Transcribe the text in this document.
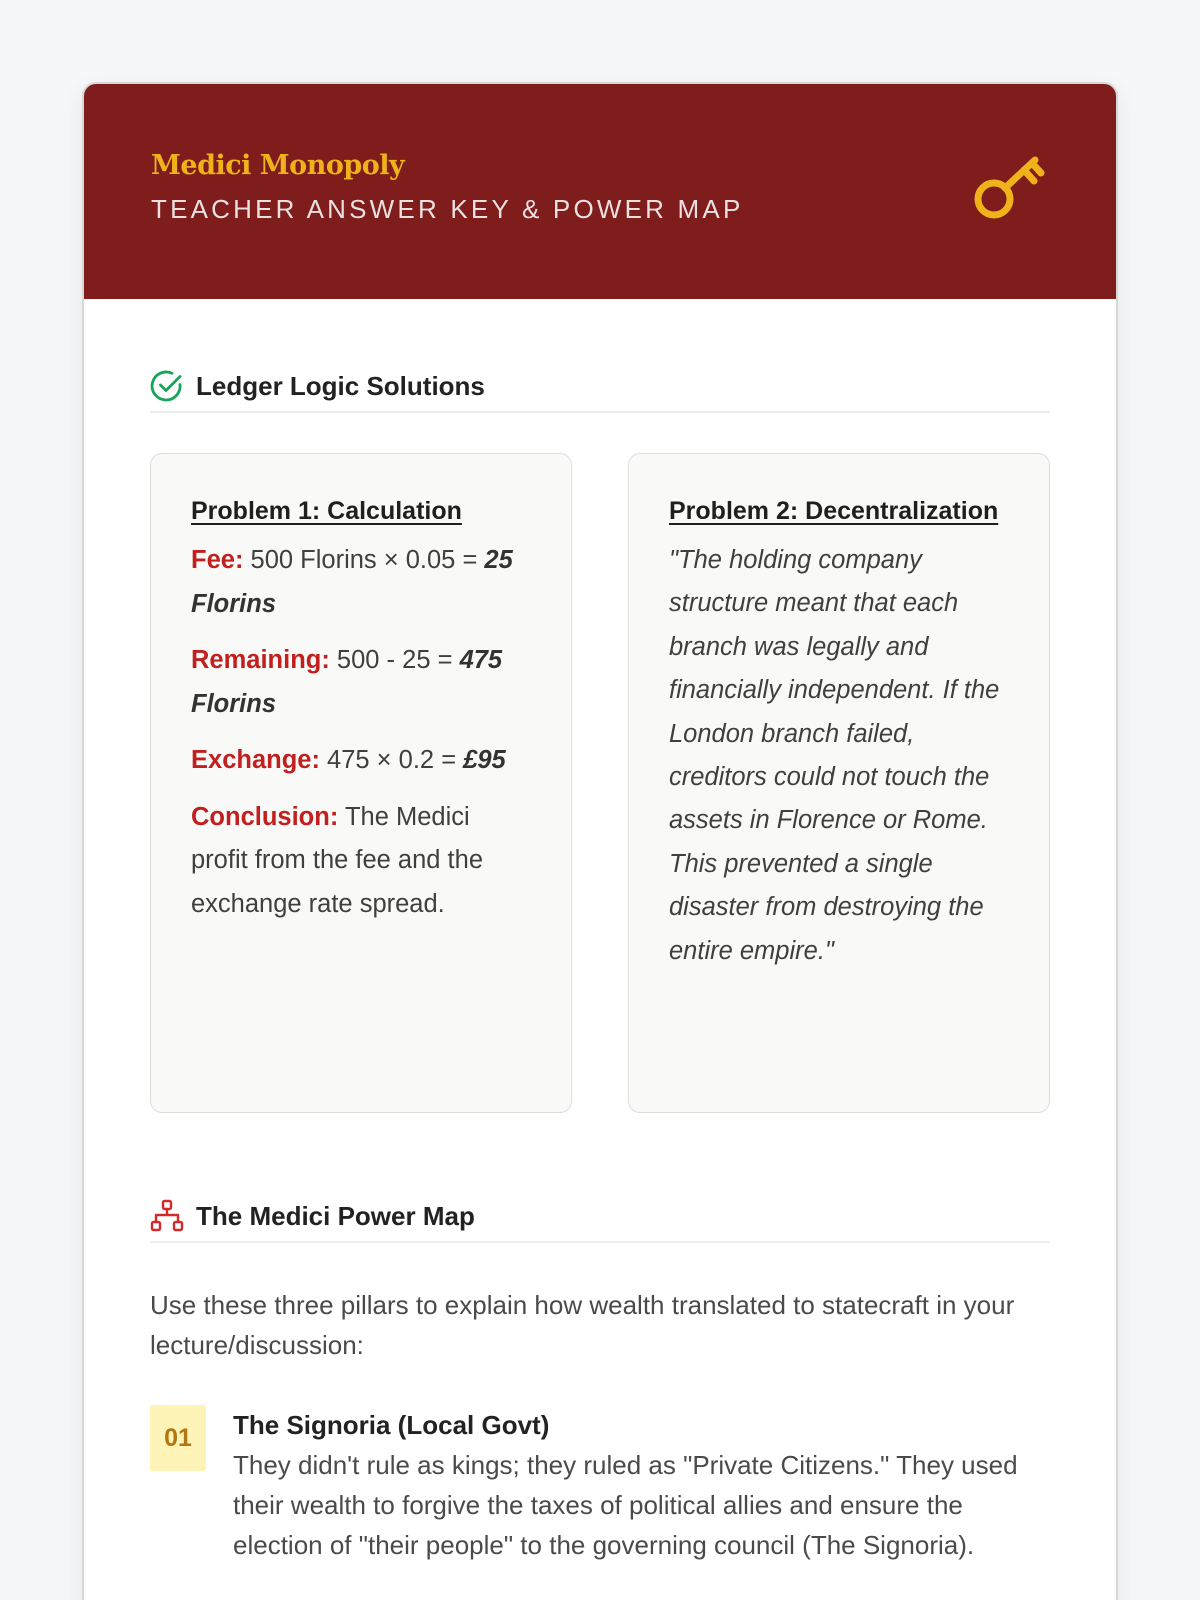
Medici Monopoly
TEACHER ANSWER KEY & POWER MAP
Ledger Logic Solutions
Problem 1: Calculation

Fee: 500 Florins × 0.05 = 25 Florins

Remaining: 500 - 25 = 475 Florins

Exchange: 475 × 0.2 = £95

Conclusion: The Medici profit from the fee and the exchange rate spread.

Problem 2: Decentralization

"The holding company structure meant that each branch was legally and financially independent. If the London branch failed, creditors could not touch the assets in Florence or Rome. This prevented a single disaster from destroying the entire empire."

The Medici Power Map
Use these three pillars to explain how wealth translated to statecraft in your lecture/discussion:
01	The Signoria (Local Govt)
They didn't rule as kings; they ruled as "Private Citizens." They used their wealth to forgive the taxes of political allies and ensure the election of "their people" to the governing council (The Signoria).
